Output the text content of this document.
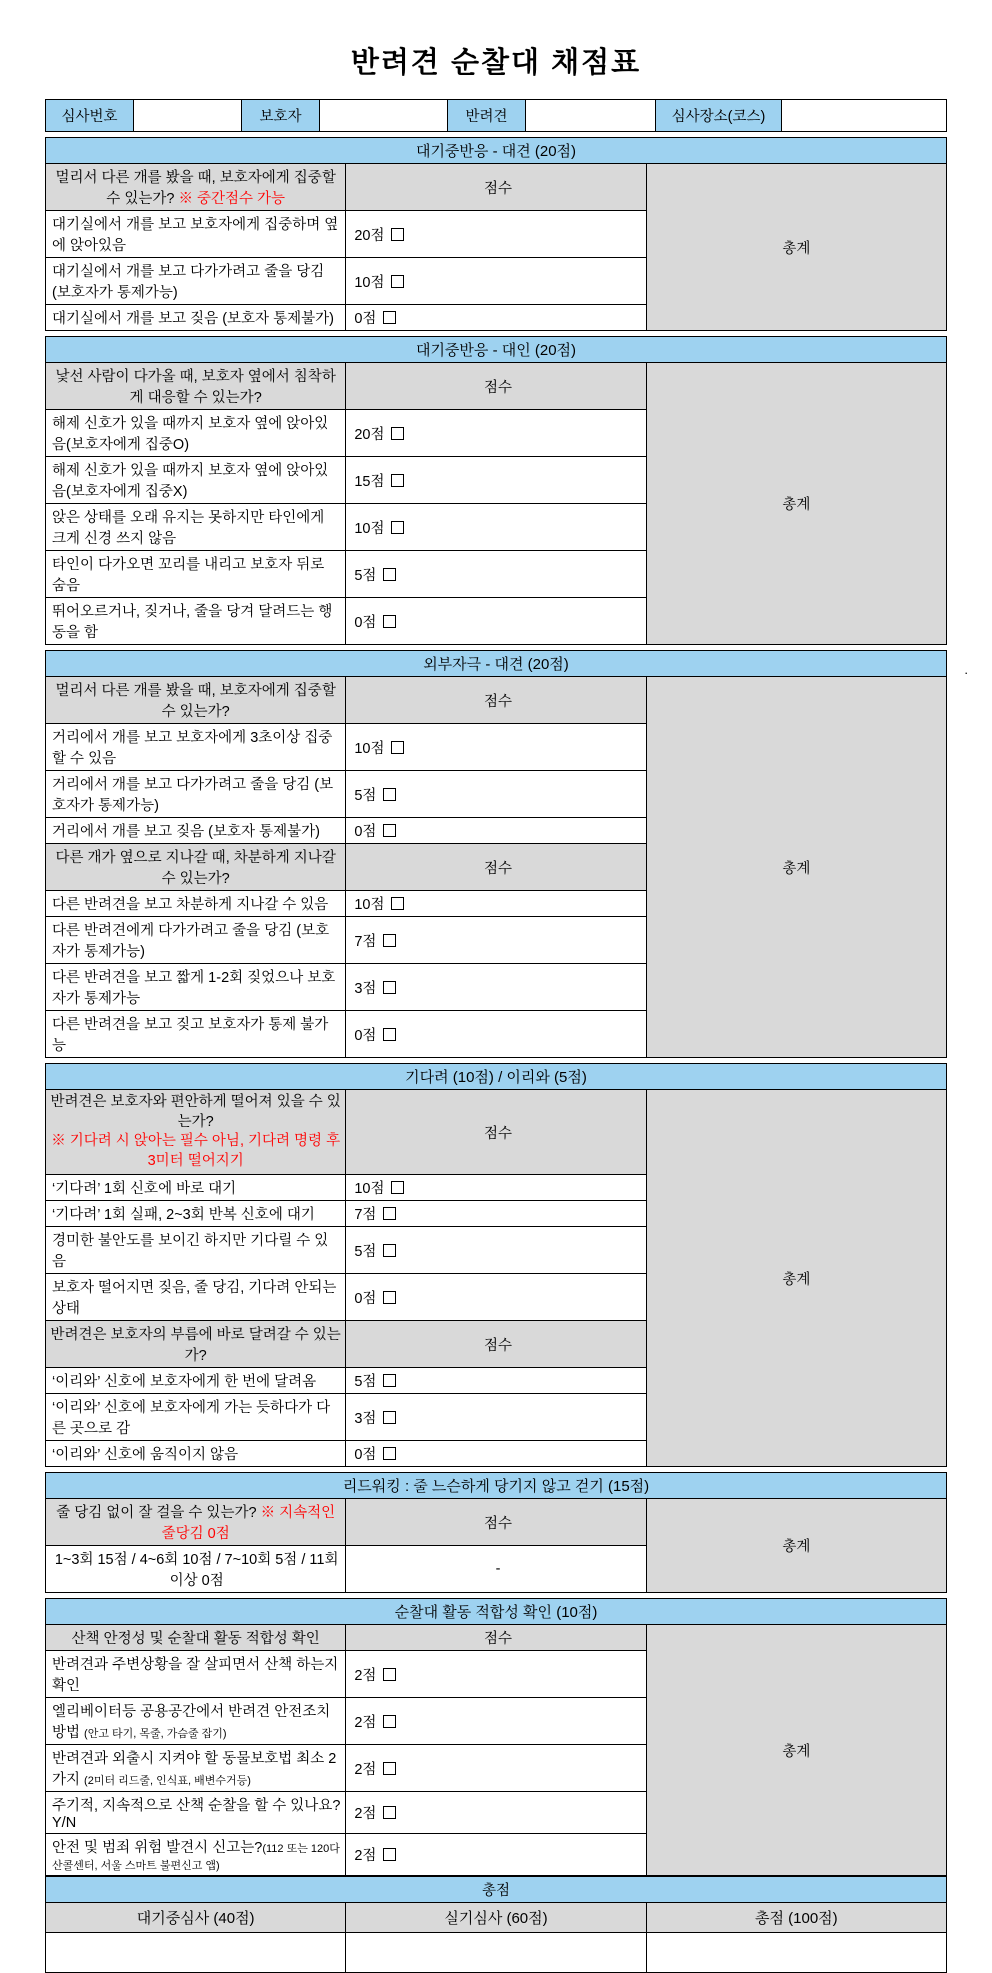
반려견 순찰대 채점표
심사번호		보호자		반려견		심사장소(코스)	
대기중반응 - 대견 (20점)		
멀리서 다른 개를 봤을 때, 보호자에게 집중할 수 있는가? ※ 중간점수 가능	점수	총계
대기실에서 개를 보고 보호자에게 집중하며 옆에 앉아있음	20점	
대기실에서 개를 보고 다가가려고 줄을 당김 (보호자가 통제가능)	10점	
대기실에서 개를 보고 짖음 (보호자 통제불가)	0점	
대기중반응 - 대인 (20점)		
낯선 사람이 다가올 때, 보호자 옆에서 침착하게 대응할 수 있는가?	점수	총계
해제 신호가 있을 때까지 보호자 옆에 앉아있음(보호자에게 집중O)	20점	
해제 신호가 있을 때까지 보호자 옆에 앉아있음(보호자에게 집중X)	15점	
앉은 상태를 오래 유지는 못하지만 타인에게 크게 신경 쓰지 않음	10점	
타인이 다가오면 꼬리를 내리고 보호자 뒤로 숨음	5점	
뛰어오르거나, 짖거나, 줄을 당겨 달려드는 행동을 함	0점	
외부자극 - 대견 (20점)		
멀리서 다른 개를 봤을 때, 보호자에게 집중할 수 있는가?	점수	총계
거리에서 개를 보고 보호자에게 3초이상 집중할 수 있음	10점	
거리에서 개를 보고 다가가려고 줄을 당김 (보호자가 통제가능)	5점	
거리에서 개를 보고 짖음 (보호자 통제불가)	0점	
다른 개가 옆으로 지나갈 때, 차분하게 지나갈 수 있는가?	점수	
다른 반려견을 보고 차분하게 지나갈 수 있음	10점	
다른 반려견에게 다가가려고 줄을 당김 (보호자가 통제가능)	7점	
다른 반려견을 보고 짧게 1-2회 짖었으나 보호자가 통제가능	3점	
다른 반려견을 보고 짖고 보호자가 통제 불가능	0점	
기다려 (10점) / 이리와 (5점)		

반려견은 보호자와 편안하게 떨어져 있을 수 있는가?
※ 기다려 시 앉아는 필수 아님, 기다려 명령 후 3미터 떨어지기	점수	총계
‘기다려’ 1회 신호에 바로 대기	10점	
‘기다려’ 1회 실패, 2~3회 반복 신호에 대기	7점	
경미한 불안도를 보이긴 하지만 기다릴 수 있음	5점	
보호자 떨어지면 짖음, 줄 당김, 기다려 안되는 상태	0점	
반려견은 보호자의 부름에 바로 달려갈 수 있는가?	점수	
‘이리와’ 신호에 보호자에게 한 번에 달려옴	5점	
‘이리와’ 신호에 보호자에게 가는 듯하다가 다른 곳으로 감	3점	
‘이리와’ 신호에 움직이지 않음	0점	
리드워킹 : 줄 느슨하게 당기지 않고 걷기 (15점)		
줄 당김 없이 잘 걸을 수 있는가? ※ 지속적인 줄당김 0점	점수	총계
1~3회 15점 / 4~6회 10점 / 7~10회 5점 / 11회 이상 0점	-	
순찰대 활동 적합성 확인 (10점)		
산책 안정성 및 순찰대 활동 적합성 확인	점수	총계
반려견과 주변상황을 잘 살피면서 산책 하는지 확인	2점	
엘리베이터등 공용공간에서 반려견 안전조치 방법 (안고 타기, 목줄, 가슴줄 잡기)	2점	
반려견과 외출시 지켜야 할 동물보호법 최소 2가지 (2미터 리드줄, 인식표, 배변수거등)	2점	
주기적, 지속적으로 산책 순찰을 할 수 있나요? Y/N	2점	
안전 및 범죄 위험 발견시 신고는?(112 또는 120다산콜센터, 서울 스마트 불편신고 앱)	2점	
총점		
대기중심사 (40점)	실기심사 (60점)	총점 (100점)

.
